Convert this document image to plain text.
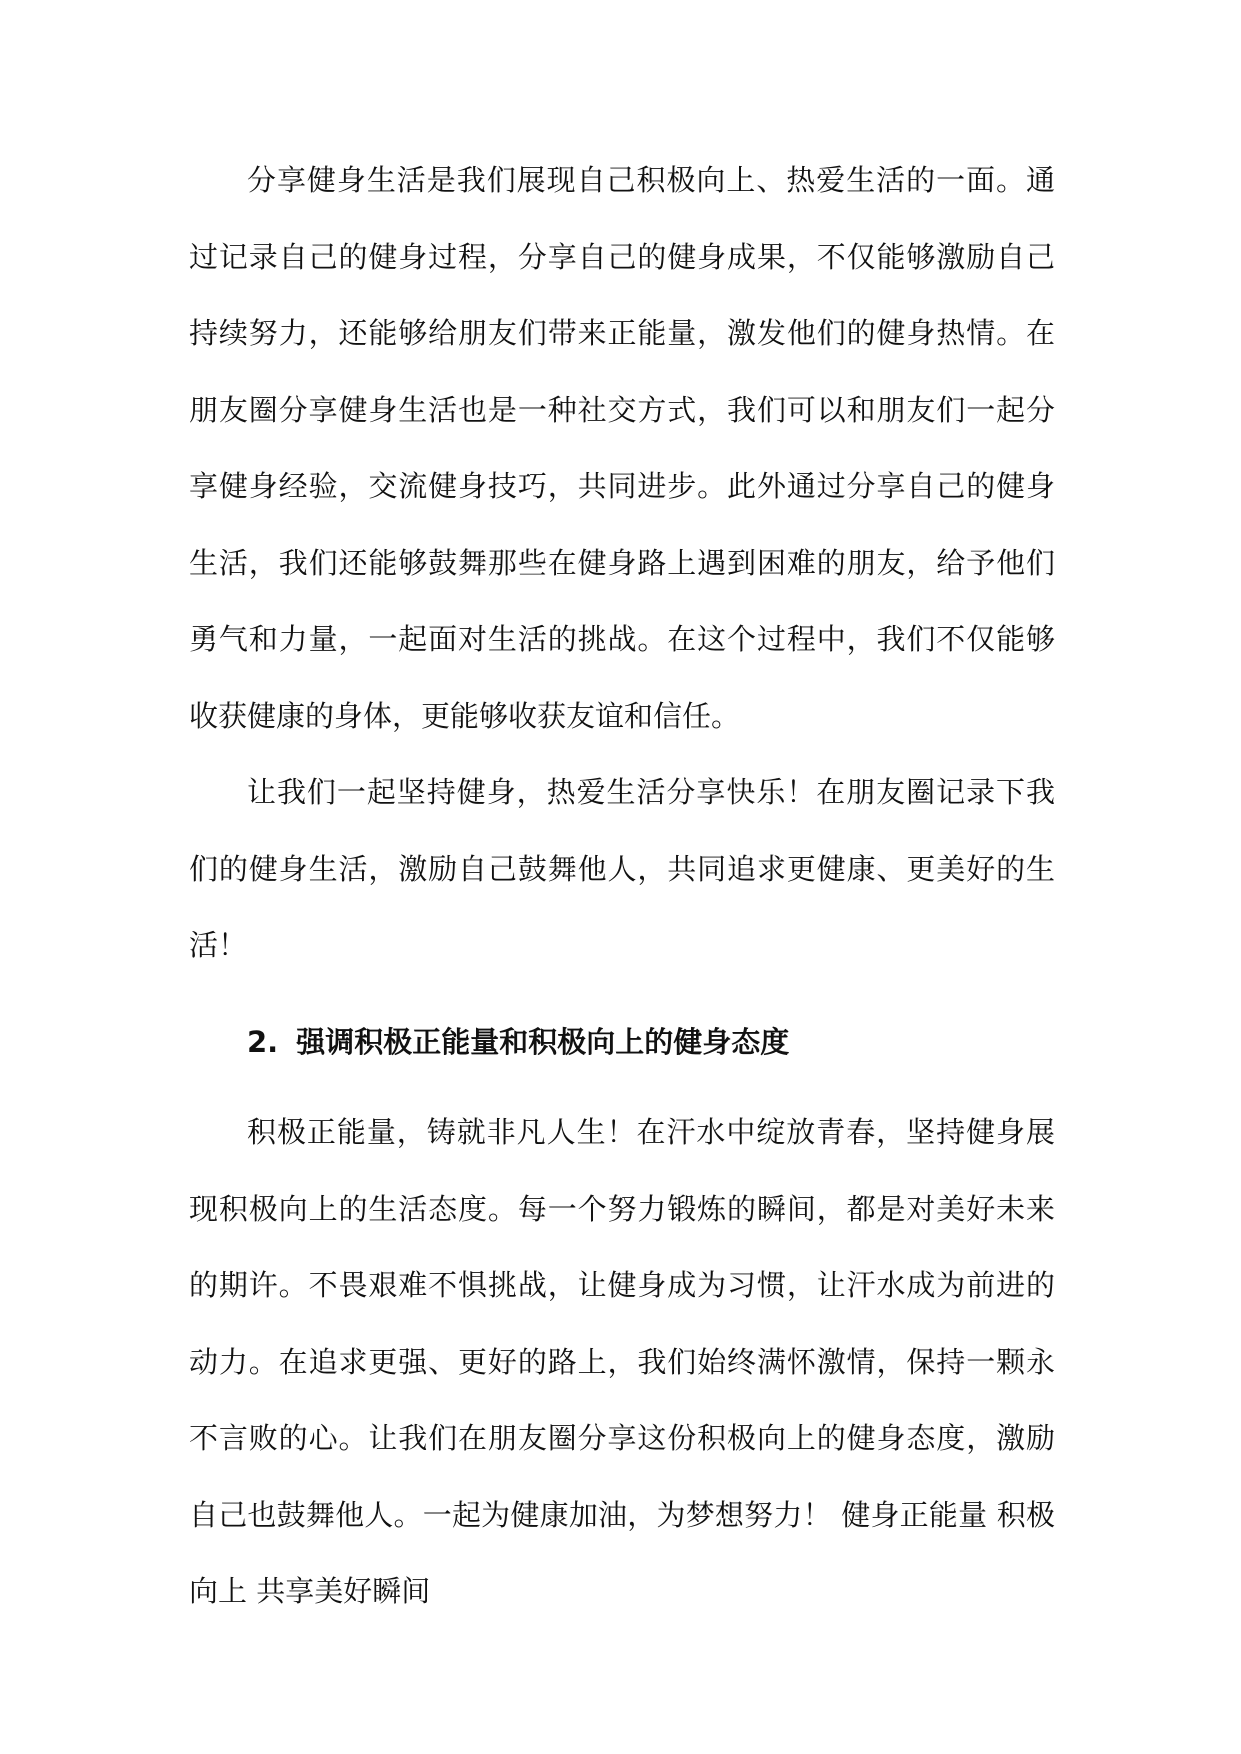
分享健身生活是我们展现自己积极向上、热爱生活的一面。通过记录自己的健身过程，分享自己的健身成果，不仅能够激励自己持续努力，还能够给朋友们带来正能量，激发他们的健身热情。在朋友圈分享健身生活也是一种社交方式，我们可以和朋友们一起分享健身经验，交流健身技巧，共同进步。此外通过分享自己的健身生活，我们还能够鼓舞那些在健身路上遇到困难的朋友，给予他们勇气和力量，一起面对生活的挑战。在这个过程中，我们不仅能够收获健康的身体，更能够收获友谊和信任。

让我们一起坚持健身，热爱生活分享快乐！在朋友圈记录下我们的健身生活，激励自己鼓舞他人，共同追求更健康、更美好的生活！

2. 强调积极正能量和积极向上的健身态度

积极正能量，铸就非凡人生！在汗水中绽放青春，坚持健身展现积极向上的生活态度。每一个努力锻炼的瞬间，都是对美好未来的期许。不畏艰难不惧挑战，让健身成为习惯，让汗水成为前进的动力。在追求更强、更好的路上，我们始终满怀激情，保持一颗永不言败的心。让我们在朋友圈分享这份积极向上的健身态度，激励自己也鼓舞他人。一起为健康加油，为梦想努力！ 健身正能量 积极向上 共享美好瞬间
